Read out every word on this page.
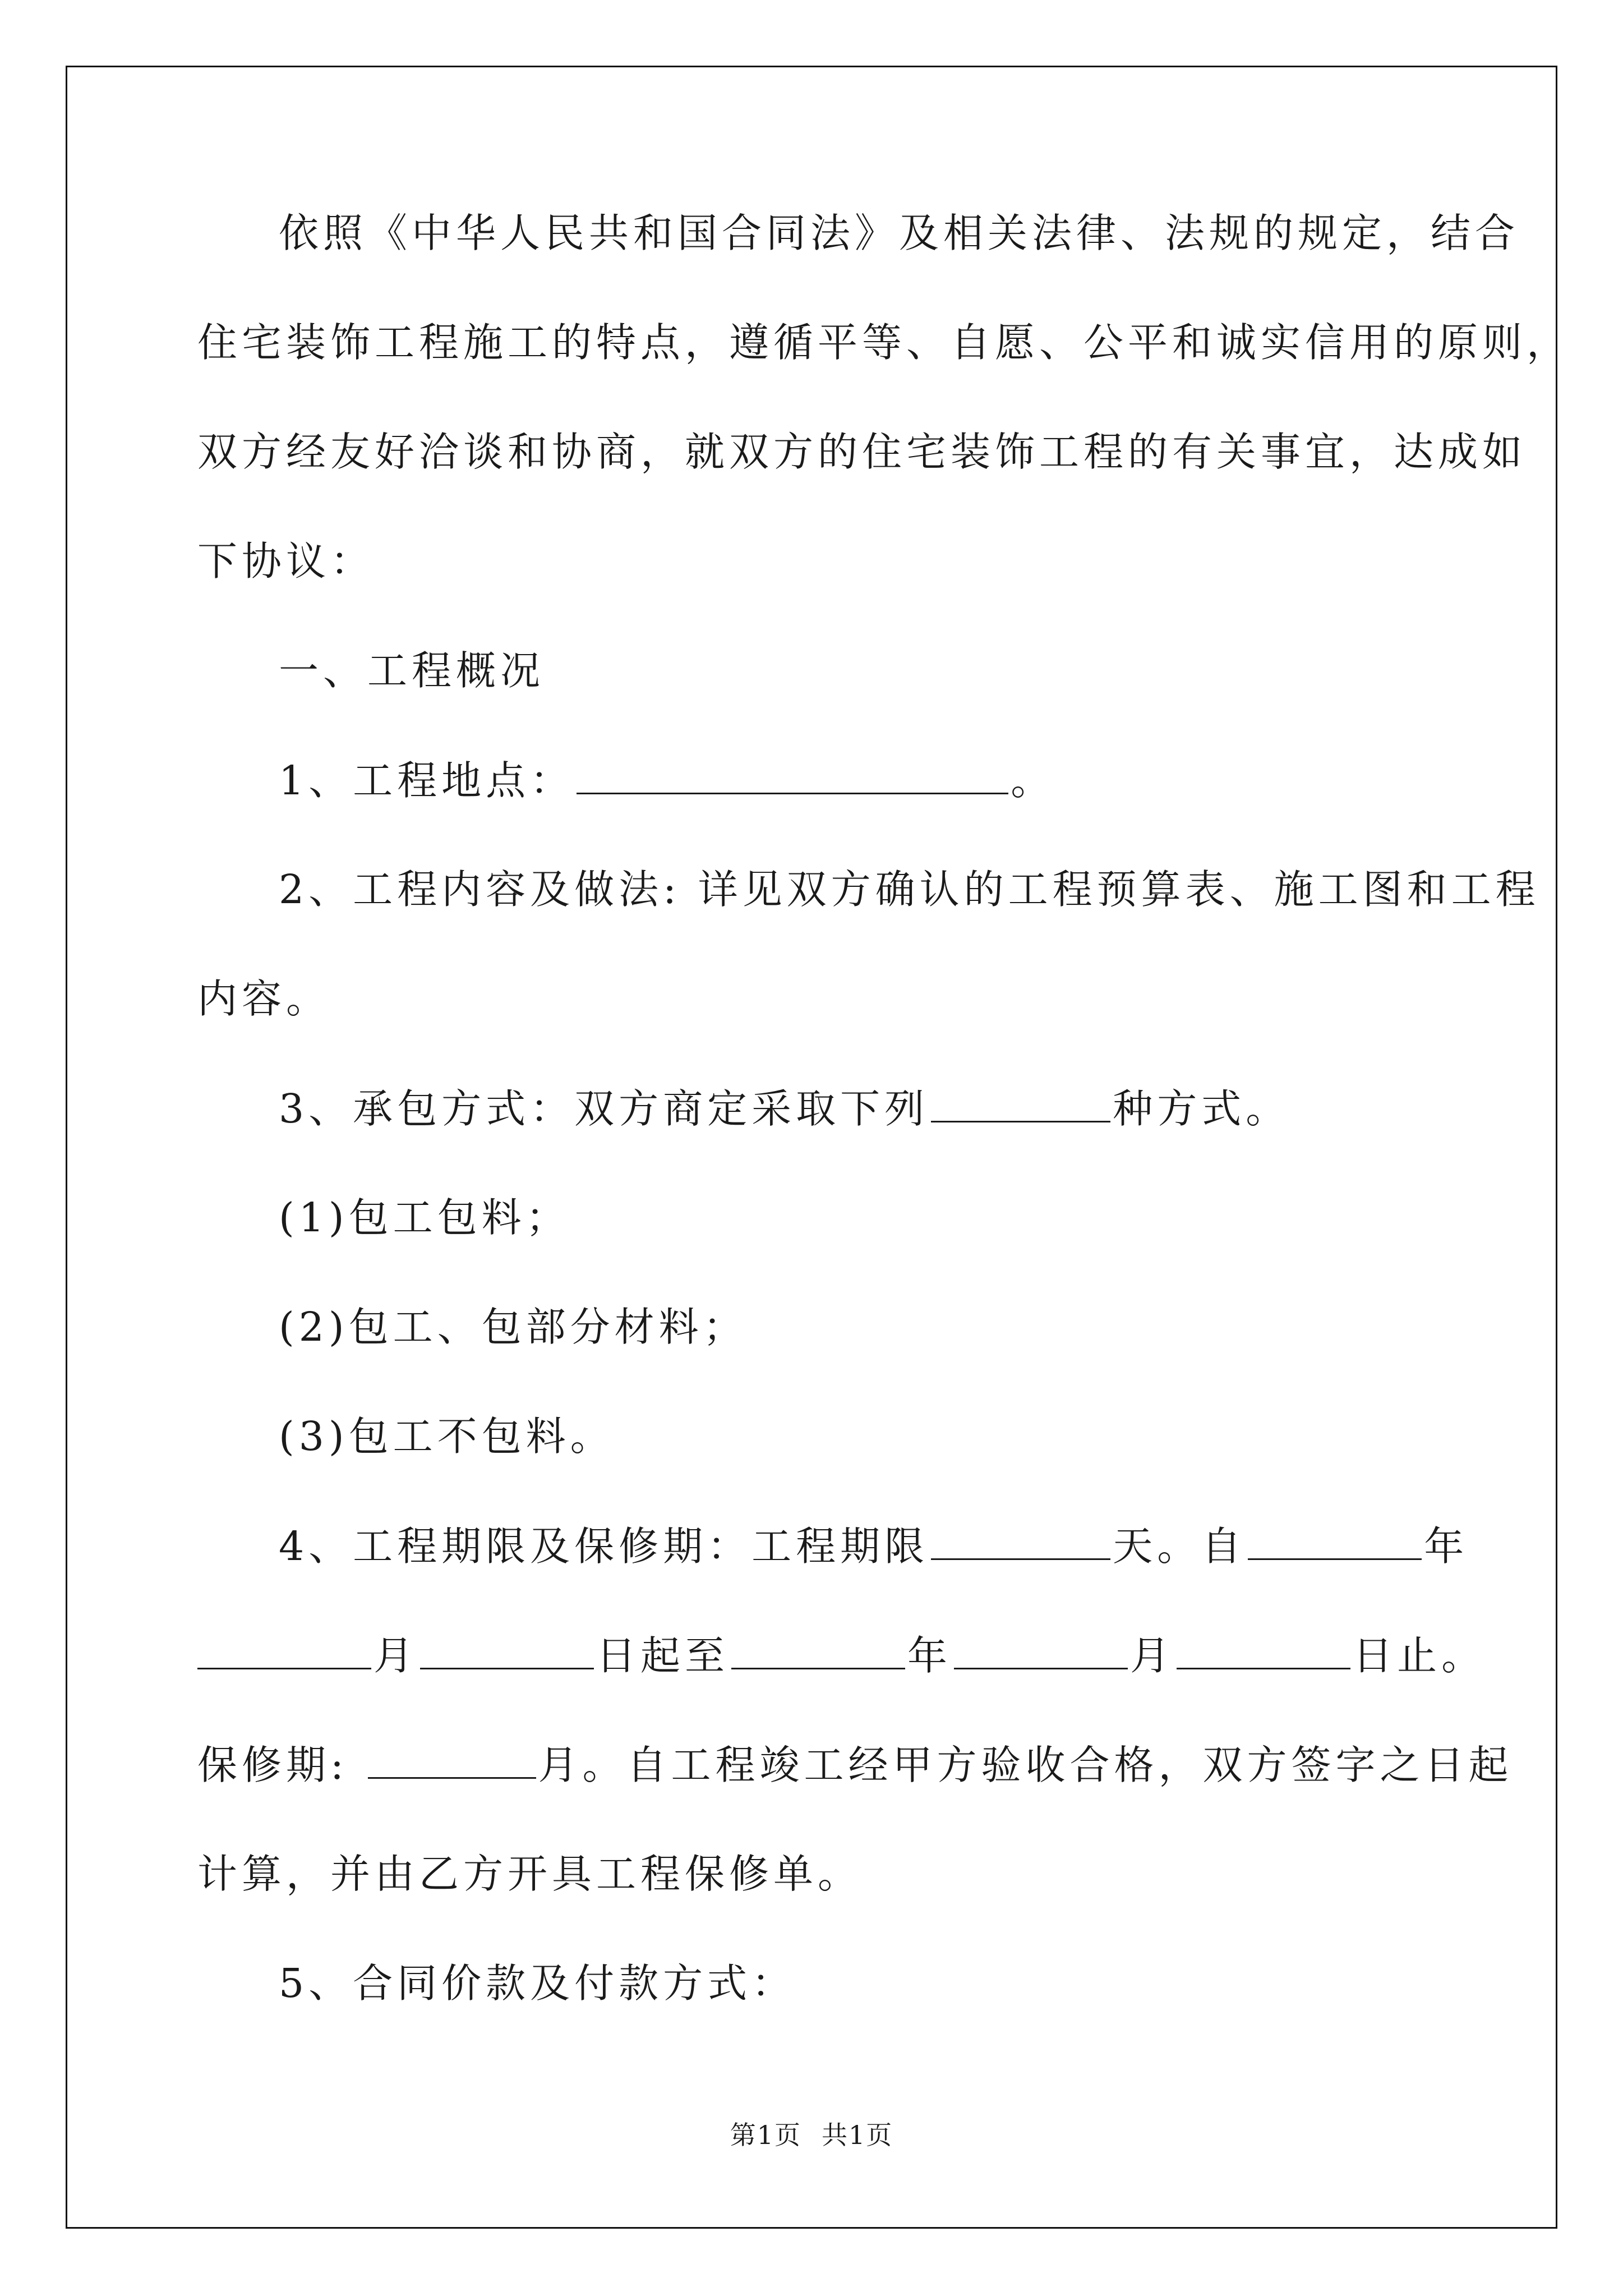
依照《中华人民共和国合同法》及相关法律、法规的规定，结合
住宅装饰工程施工的特点，遵循平等、自愿、公平和诚实信用的原则，
双方经友好洽谈和协商，就双方的住宅装饰工程的有关事宜，达成如
下协议：
一、工程概况
1、工程地点：	。
2、工程内容及做法: 详见双方确认的工程预算表、施工图和工程
内容。
3、承包方式：双方商定采取下列	种方式。
(1)包工包料；
(2)包工、包部分材料；
(3)包工不包料。
4、工程期限及保修期：工程期限	天。自	年
月	日起至	年	月	日止。
保修期:	月。自工程竣工经甲方验收合格，双方签字之日起
计算，并由乙方开具工程保修单。
5、合同价款及付款方式：
第1页 共1页
